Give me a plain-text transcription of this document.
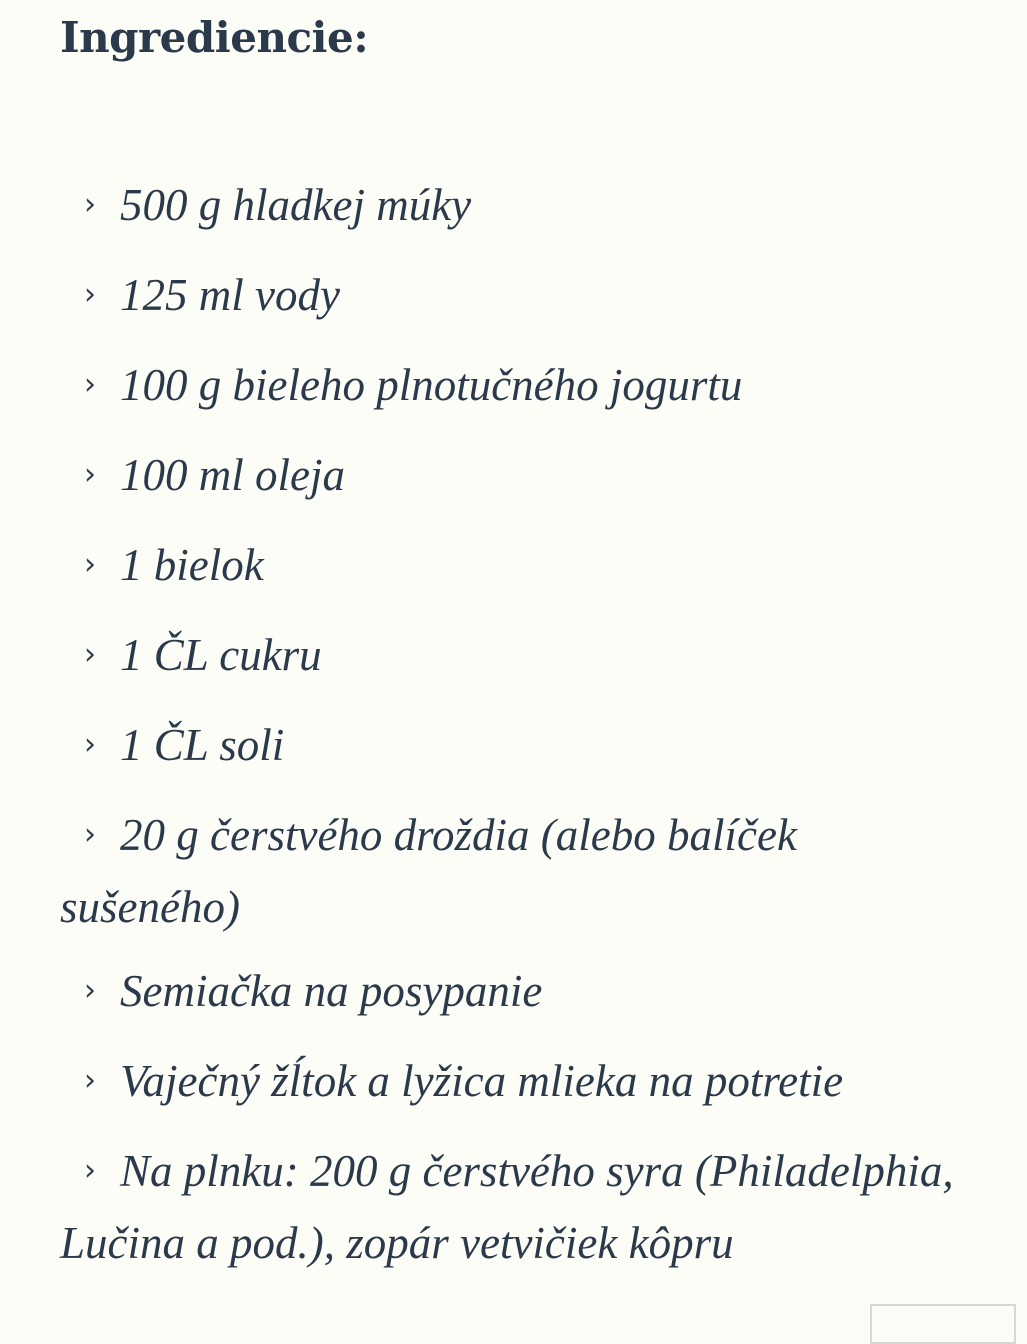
Ingrediencie:
› 500 g hladkej múky
› 125 ml vody
› 100 g bieleho plnotučného jogurtu
› 100 ml oleja
› 1 bielok
› 1 ČL cukru
› 1 ČL soli
› 20 g čerstvého droždia (alebo balíček sušeného)
› Semiačka na posypanie
› Vaječný žĺtok a lyžica mlieka na potretie
› Na plnku: 200 g čerstvého syra (Philadelphia, Lučina a pod.), zopár vetvičiek kôpru
